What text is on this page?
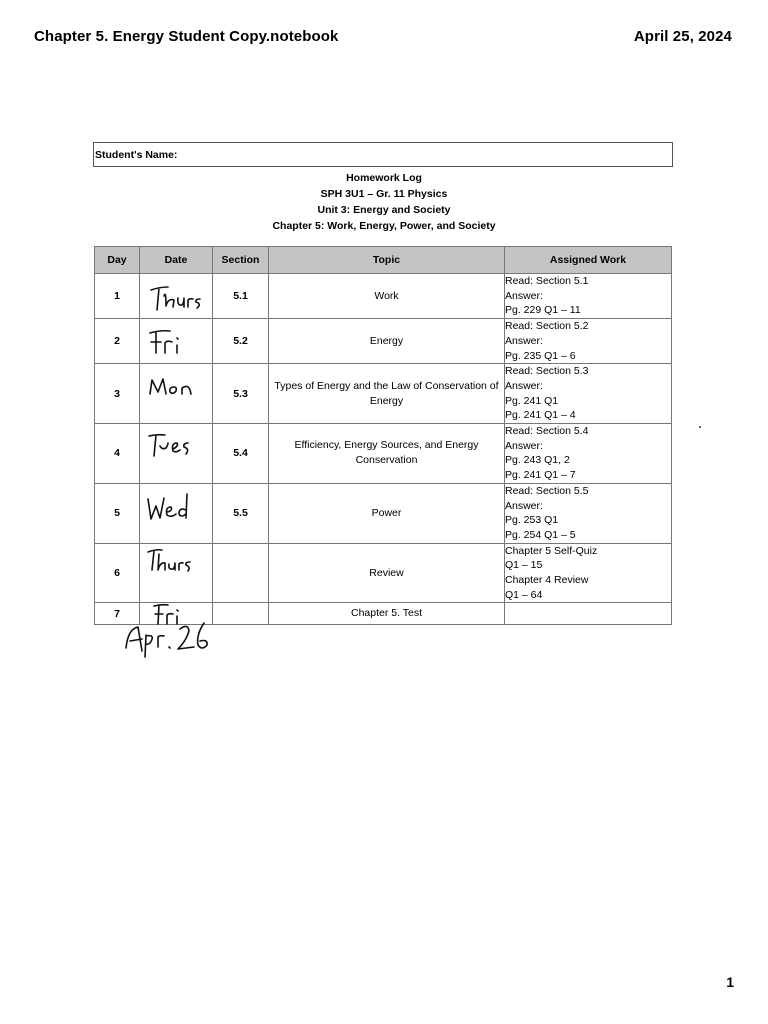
Chapter 5. Energy Student Copy.notebook	April 25, 2024
Student's Name:
Homework Log
SPH 3U1 – Gr. 11 Physics
Unit 3: Energy and Society
Chapter 5: Work, Energy, Power, and Society
Day	Date	Section	Topic	Assigned Work
1		5.1	Work	Read: Section 5.1
Answer:
Pg. 229 Q1 – 11

2		5.2	Energy	Read: Section 5.2
Answer:
Pg. 235 Q1 – 6

3		5.3	Types of Energy and the Law of Conservation of Energy	Read: Section 5.3
Answer:
Pg. 241 Q1
Pg. 241 Q1 – 4

4		5.4	Efficiency, Energy Sources, and Energy Conservation	Read: Section 5.4
Answer:
Pg. 243 Q1, 2
Pg. 241 Q1 – 7

5		5.5	Power	Read: Section 5.5
Answer:
Pg. 253 Q1
Pg. 254 Q1 – 5

6			Review	Chapter 5 Self-Quiz
Q1 – 15
Chapter 4 Review
Q1 – 64

7			Chapter 5. Test	
1
